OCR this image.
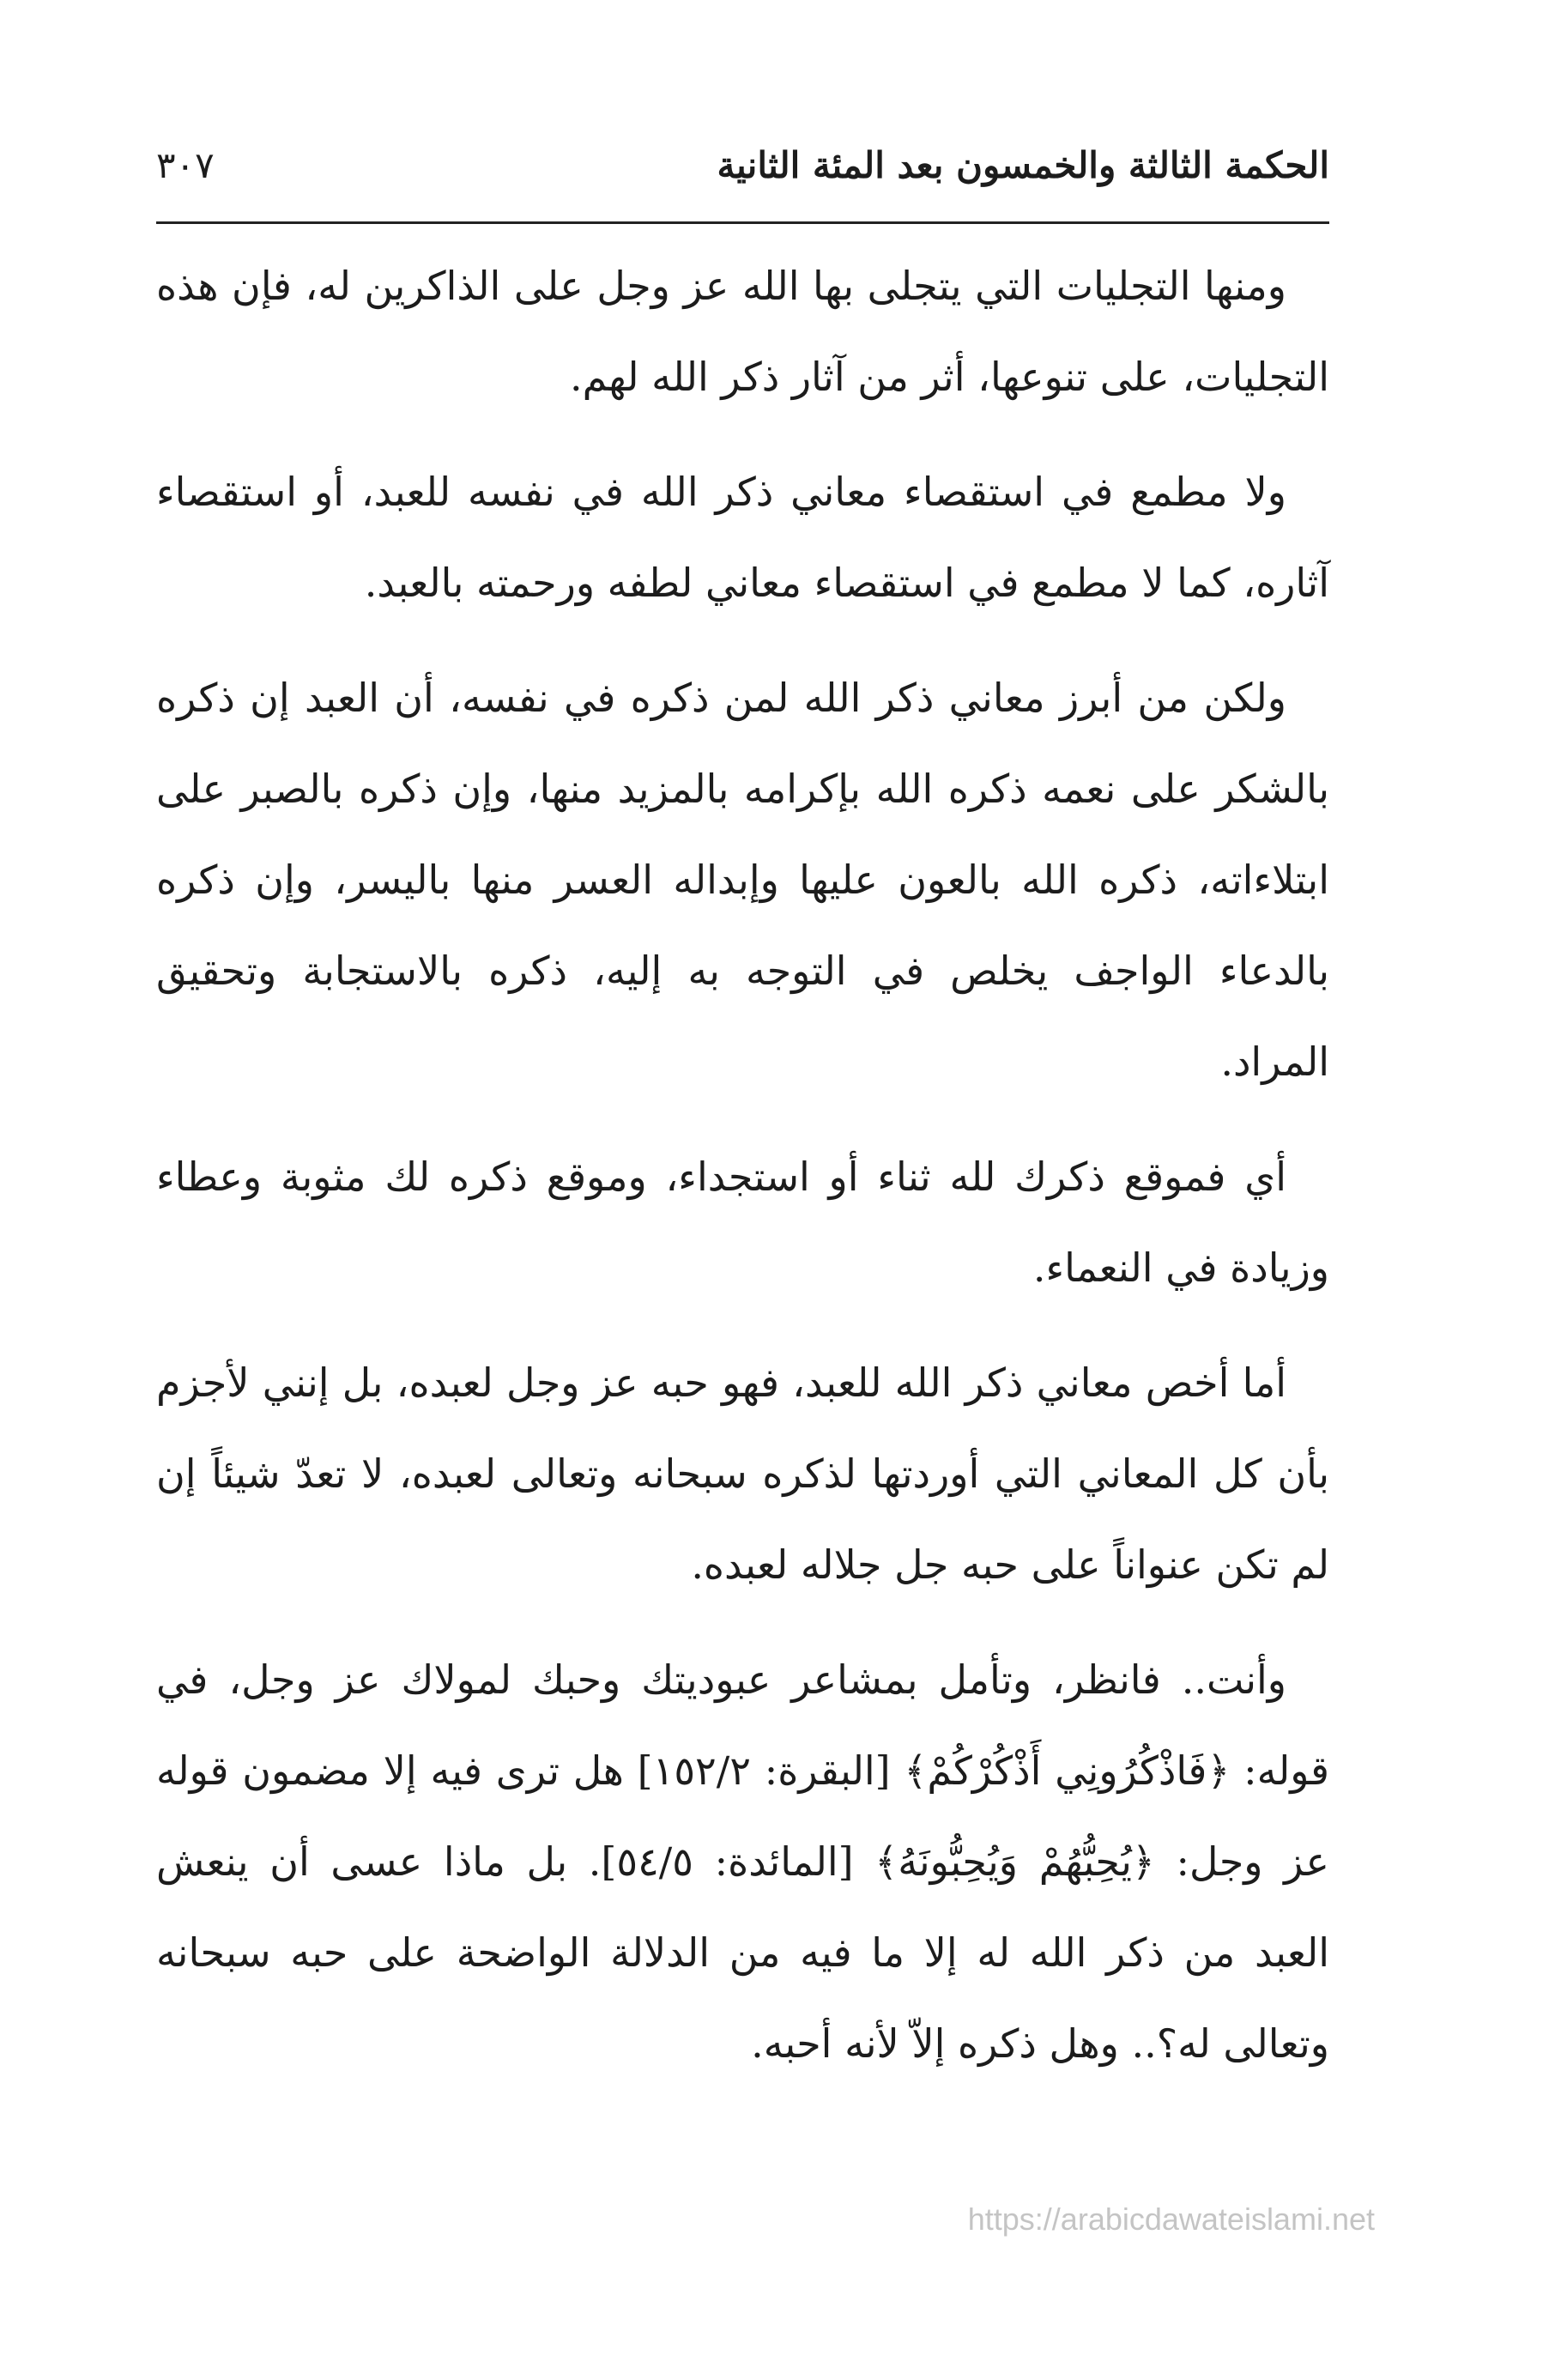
الحكمة الثالثة والخمسون بعد المئة الثانية
٣٠٧

ومنها التجليات التي يتجلى بها الله عز وجل على الذاكرين له، فإن هذه التجليات، على تنوعها، أثر من آثار ذكر الله لهم.

ولا مطمع في استقصاء معاني ذكر الله في نفسه للعبد، أو استقصاء آثاره، كما لا مطمع في استقصاء معاني لطفه ورحمته بالعبد.

ولكن من أبرز معاني ذكر الله لمن ذكره في نفسه، أن العبد إن ذكره بالشكر على نعمه ذكره الله بإكرامه بالمزيد منها، وإن ذكره بالصبر على ابتلاءاته، ذكره الله بالعون عليها وإبداله العسر منها باليسر، وإن ذكره بالدعاء الواجف يخلص في التوجه به إليه، ذكره بالاستجابة وتحقيق المراد.

أي فموقع ذكرك لله ثناء أو استجداء، وموقع ذكره لك مثوبة وعطاء وزيادة في النعماء.

أما أخص معاني ذكر الله للعبد، فهو حبه عز وجل لعبده، بل إنني لأجزم بأن كل المعاني التي أوردتها لذكره سبحانه وتعالى لعبده، لا تعدّ شيئاً إن لم تكن عنواناً على حبه جل جلاله لعبده.

وأنت.. فانظر، وتأمل بمشاعر عبوديتك وحبك لمولاك عز وجل، في قوله: ﴿فَاذْكُرُونِي أَذْكُرْكُمْ﴾ [البقرة: ١٥٢/٢] هل ترى فيه إلا مضمون قوله عز وجل: ﴿يُحِبُّهُمْ وَيُحِبُّونَهُ﴾ [المائدة: ٥٤/٥]. بل ماذا عسى أن ينعش العبد من ذكر الله له إلا ما فيه من الدلالة الواضحة على حبه سبحانه وتعالى له؟.. وهل ذكره إلاّ لأنه أحبه.

https://arabicdawateislami.net
